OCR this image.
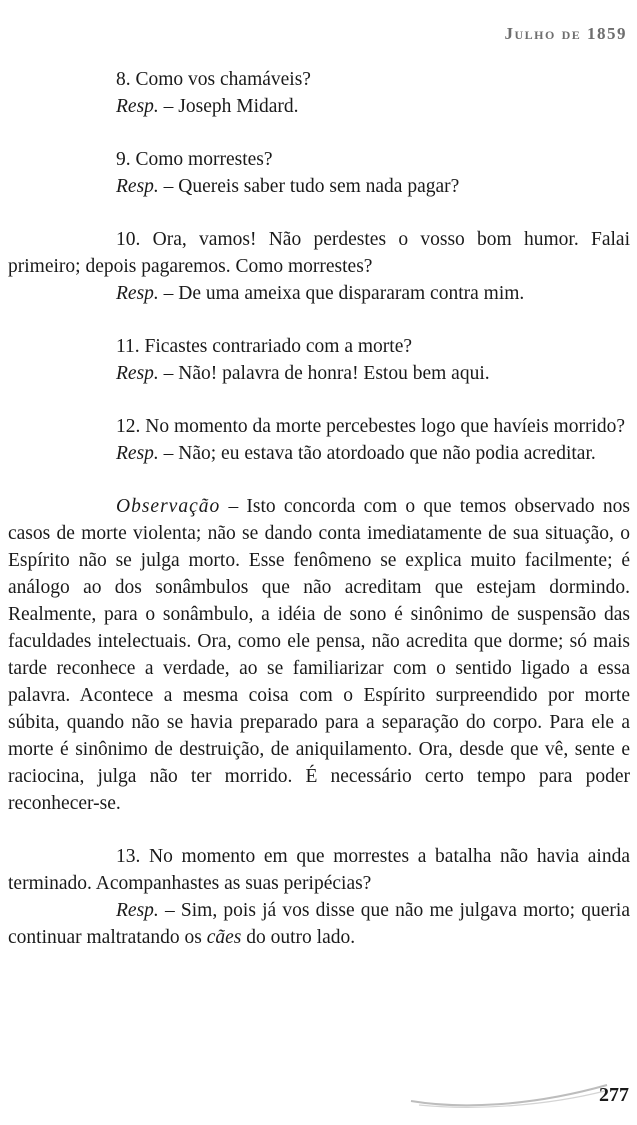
Julho de 1859

8. Como vos chamáveis?

Resp. – Joseph Midard.

9. Como morrestes?

Resp. – Quereis saber tudo sem nada pagar?

10. Ora, vamos! Não perdestes o vosso bom humor. Falai primeiro; depois pagaremos. Como morrestes?

Resp. – De uma ameixa que dispararam contra mim.

11. Ficastes contrariado com a morte?

Resp. – Não! palavra de honra! Estou bem aqui.

12. No momento da morte percebestes logo que havíeis morrido?

Resp. – Não; eu estava tão atordoado que não podia acreditar.

Observação – Isto concorda com o que temos observado nos casos de morte violenta; não se dando conta imediatamente de sua situação, o Espírito não se julga morto. Esse fenômeno se explica muito facilmente; é análogo ao dos sonâmbulos que não acreditam que estejam dormindo. Realmente, para o sonâmbulo, a idéia de sono é sinônimo de suspensão das faculdades intelectuais. Ora, como ele pensa, não acredita que dorme; só mais tarde reconhece a verdade, ao se familiarizar com o sentido ligado a essa palavra. Acontece a mesma coisa com o Espírito surpreendido por morte súbita, quando não se havia preparado para a separação do corpo. Para ele a morte é sinônimo de destruição, de aniquilamento. Ora, desde que vê, sente e raciocina, julga não ter morrido. É necessário certo tempo para poder reconhecer-se.

13. No momento em que morrestes a batalha não havia ainda terminado. Acompanhastes as suas peripécias?

Resp. – Sim, pois já vos disse que não me julgava morto; queria continuar maltratando os cães do outro lado.

277
